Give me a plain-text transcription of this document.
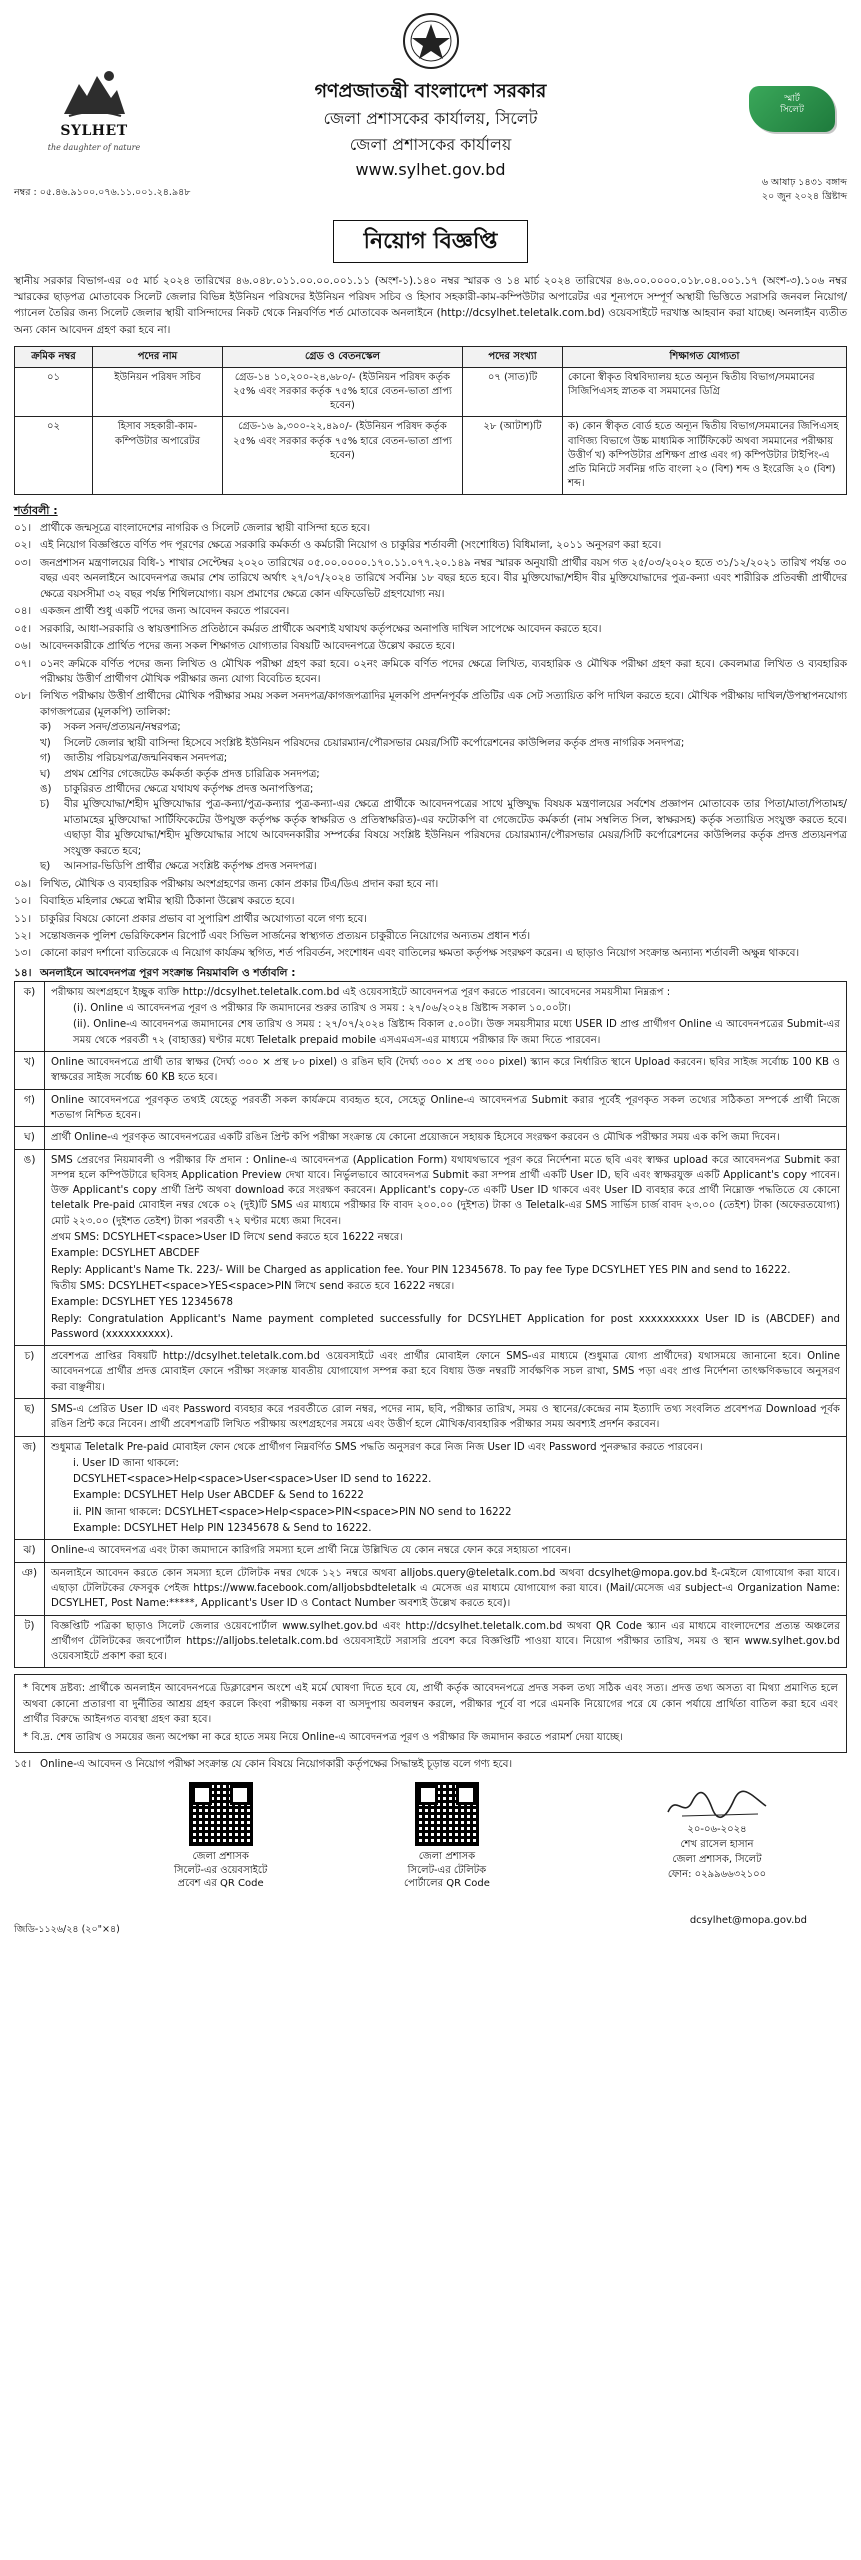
SYLHET
the daughter of nature
গণপ্রজাতন্ত্রী বাংলাদেশ সরকার
জেলা প্রশাসকের কার্যালয়, সিলেট
জেলা প্রশাসকের কার্যালয়
www.sylhet.gov.bd
স্মার্ট
সিলেট
নম্বর : ০৫.৪৬.৯১০০.০৭৬.১১.০০১.২৪.৯৪৮
৬ আষাঢ় ১৪৩১ বঙ্গাব্দ
২০ জুন ২০২৪ খ্রিষ্টাব্দ
নিয়োগ বিজ্ঞপ্তি

স্থানীয় সরকার বিভাগ-এর ০৫ মার্চ ২০২৪ তারিখের ৪৬.০৪৮.০১১.০০.০০.০০১.১১ (অংশ-১).১৪০ নম্বর স্মারক ও ১৪ মার্চ ২০২৪ তারিখের ৪৬.০০.০০০০.০১৮.০৪.০০১.১৭ (অংশ-৩).১০৬ নম্বর স্মারকের ছাড়পত্র মোতাবেক সিলেট জেলার বিভিন্ন ইউনিয়ন পরিষদের ইউনিয়ন পরিষদ সচিব ও হিসাব সহকারী-কাম-কম্পিউটার অপারেটর এর শূন্যপদে সম্পূর্ণ অস্থায়ী ভিত্তিতে সরাসরি জনবল নিয়োগ/প্যানেল তৈরির জন্য সিলেট জেলার স্থায়ী বাসিন্দাদের নিকট থেকে নিম্নবর্ণিত শর্ত মোতাবেক অনলাইনে (http://dcsylhet.teletalk.com.bd) ওয়েবসাইটে দরখাস্ত আহবান করা যাচ্ছে। অনলাইন ব্যতীত অন্য কোন আবেদন গ্রহণ করা হবে না।

ক্রমিক নম্বর	পদের নাম	গ্রেড ও বেতনস্কেল	পদের সংখ্যা	শিক্ষাগত যোগ্যতা
০১	ইউনিয়ন পরিষদ সচিব	গ্রেড-১৪ ১০,২০০-২৪,৬৮০/- (ইউনিয়ন পরিষদ কর্তৃক ২৫% এবং সরকার কর্তৃক ৭৫% হারে বেতন-ভাতা প্রাপ্য হবেন)	০৭ (সাত)টি	কোনো স্বীকৃত বিশ্ববিদ্যালয় হতে অন্যূন দ্বিতীয় বিভাগ/সমমানের সিজিপিএসহ স্নাতক বা সমমানের ডিগ্রি
০২	হিসাব সহকারী-কাম-কম্পিউটার অপারেটর	গ্রেড-১৬ ৯,৩০০-২২,৪৯০/- (ইউনিয়ন পরিষদ কর্তৃক ২৫% এবং সরকার কর্তৃক ৭৫% হারে বেতন-ভাতা প্রাপ্য হবেন)	২৮ (আটাশ)টি	ক) কোন স্বীকৃত বোর্ড হতে অন্যূন দ্বিতীয় বিভাগ/সমমানের জিপিএসহ বাণিজ্য বিভাগে উচ্চ মাধ্যমিক সার্টিফিকেট অথবা সমমানের পরীক্ষায় উত্তীর্ণ খ) কম্পিউটার প্রশিক্ষণ প্রাপ্ত এবং গ) কম্পিউটার টাইপিং-এ প্রতি মিনিটে সর্বনিম্ন গতি বাংলা ২০ (বিশ) শব্দ ও ইংরেজি ২০ (বিশ) শব্দ।
শর্তাবলী :
০১। প্রার্থীকে জন্মসূত্রে বাংলাদেশের নাগরিক ও সিলেট জেলার স্থায়ী বাসিন্দা হতে হবে।
০২। এই নিয়োগ বিজ্ঞপ্তিতে বর্ণিত পদ পূরণের ক্ষেত্রে সরকারি কর্মকর্তা ও কর্মচারী নিয়োগ ও চাকুরির শর্তাবলী (সংশোধিত) বিধিমালা, ২০১১ অনুসরণ করা হবে।
০৩। জনপ্রশাসন মন্ত্রণালয়ের বিধি-১ শাখার সেপ্টেম্বর ২০২০ তারিখের ০৫.০০.০০০০.১৭০.১১.০৭৭.২০.১৪৯ নম্বর স্মারক অনুযায়ী প্রার্থীর বয়স গত ২৫/০৩/২০২০ হতে ৩১/১২/২০২১ তারিখ পর্যন্ত ৩০ বছর এবং অনলাইনে আবেদনপত্র জমার শেষ তারিখে অর্থাৎ ২৭/০৭/২০২৪ তারিখে সর্বনিম্ন ১৮ বছর হতে হবে। বীর মুক্তিযোদ্ধা/শহীদ বীর মুক্তিযোদ্ধাদের পুত্র-কন্যা এবং শারীরিক প্রতিবন্ধী প্রার্থীদের ক্ষেত্রে বয়সসীমা ৩২ বছর পর্যন্ত শিথিলযোগ্য। বয়স প্রমাণের ক্ষেত্রে কোন এফিডেভিট গ্রহণযোগ্য নয়।
০৪। একজন প্রার্থী শুধু একটি পদের জন্য আবেদন করতে পারবেন।
০৫। সরকারি, আধা-সরকারি ও স্বায়ত্তশাসিত প্রতিষ্ঠানে কর্মরত প্রার্থীকে অবশ্যই যথাযথ কর্তৃপক্ষের অনাপত্তি দাখিল সাপেক্ষে আবেদন করতে হবে।
০৬। আবেদনকারীকে প্রার্থিত পদের জন্য সকল শিক্ষাগত যোগ্যতার বিষয়টি আবেদনপত্রে উল্লেখ করতে হবে।
০৭। ০১নং ক্রমিকে বর্ণিত পদের জন্য লিখিত ও মৌখিক পরীক্ষা গ্রহণ করা হবে। ০২নং ক্রমিকে বর্ণিত পদের ক্ষেত্রে লিখিত, ব্যবহারিক ও মৌখিক পরীক্ষা গ্রহণ করা হবে। কেবলমাত্র লিখিত ও ব্যবহারিক পরীক্ষায় উত্তীর্ণ প্রার্থীগণ মৌখিক পরীক্ষার জন্য যোগ্য বিবেচিত হবেন।
০৮। লিখিত পরীক্ষায় উত্তীর্ণ প্রার্থীদের মৌখিক পরীক্ষার সময় সকল সনদপত্র/কাগজপত্রাদির মূলকপি প্রদর্শনপূর্বক প্রতিটির এক সেট সত্যায়িত কপি দাখিল করতে হবে। মৌখিক পরীক্ষায় দাখিল/উপস্থাপনযোগ্য কাগজপত্রের (মূলকপি) তালিকা:
ক)	সকল সনদ/প্রত্যয়ন/নম্বরপত্র;
খ)	সিলেট জেলার স্থায়ী বাসিন্দা হিসেবে সংশ্লিষ্ট ইউনিয়ন পরিষদের চেয়ারম্যান/পৌরসভার মেয়র/সিটি কর্পোরেশনের কাউন্সিলর কর্তৃক প্রদত্ত নাগরিক সনদপত্র;
গ)	জাতীয় পরিচয়পত্র/জন্মনিবন্ধন সনদপত্র;
ঘ)	প্রথম শ্রেণির গেজেটেড কর্মকর্তা কর্তৃক প্রদত্ত চারিত্রিক সনদপত্র;
ঙ)	চাকুরিরত প্রার্থীদের ক্ষেত্রে যথাযথ কর্তৃপক্ষ প্রদত্ত অনাপত্তিপত্র;
চ)	বীর মুক্তিযোদ্ধা/শহীদ মুক্তিযোদ্ধার পুত্র-কন্যা/পুত্র-কন্যার পুত্র-কন্যা-এর ক্ষেত্রে প্রার্থীকে আবেদনপত্রের সাথে মুক্তিযুদ্ধ বিষয়ক মন্ত্রণালয়ের সর্বশেষ প্রজ্ঞাপন মোতাবেক তার পিতা/মাতা/পিতামহ/মাতামহের মুক্তিযোদ্ধা সার্টিফিকেটের উপযুক্ত কর্তৃপক্ষ কর্তৃক স্বাক্ষরিত ও প্রতিস্বাক্ষরিত)-এর ফটোকপি বা গেজেটেড কর্মকর্তা (নাম সম্বলিত সিল, স্বাক্ষরসহ) কর্তৃক সত্যায়িত সংযুক্ত করতে হবে। এছাড়া বীর মুক্তিযোদ্ধা/শহীদ মুক্তিযোদ্ধার সাথে আবেদনকারীর সম্পর্কের বিষয়ে সংশ্লিষ্ট ইউনিয়ন পরিষদের চেয়ারম্যান/পৌরসভার মেয়র/সিটি কর্পোরেশনের কাউন্সিলর কর্তৃক প্রদত্ত প্রত্যয়নপত্র সংযুক্ত করতে হবে;
ছ)	আনসার-ভিডিপি প্রার্থীর ক্ষেত্রে সংশ্লিষ্ট কর্তৃপক্ষ প্রদত্ত সনদপত্র।
০৯। লিখিত, মৌখিক ও ব্যবহারিক পরীক্ষায় অংশগ্রহণের জন্য কোন প্রকার টিএ/ডিএ প্রদান করা হবে না।
১০। বিবাহিত মহিলার ক্ষেত্রে স্বামীর স্থায়ী ঠিকানা উল্লেখ করতে হবে।
১১। চাকুরির বিষয়ে কোনো প্রকার প্রভাব বা সুপারিশ প্রার্থীর অযোগ্যতা বলে গণ্য হবে।
১২। সন্তোষজনক পুলিশ ভেরিফিকেশন রিপোর্ট এবং সিভিল সার্জনের স্বাস্থ্যগত প্রত্যয়ন চাকুরীতে নিয়োগের অন্যতম প্রধান শর্ত।
১৩। কোনো কারণ দর্শানো ব্যতিরেকে এ নিয়োগ কার্যক্রম স্থগিত, শর্ত পরিবর্তন, সংশোধন এবং বাতিলের ক্ষমতা কর্তৃপক্ষ সংরক্ষণ করেন। এ ছাড়াও নিয়োগ সংক্রান্ত অন্যান্য শর্তাবলী অক্ষুন্ন থাকবে।
১৪। অনলাইনে আবেদনপত্র পূরণ সংক্রান্ত নিয়মাবলি ও শর্তাবলি :
ক)	পরীক্ষায় অংশগ্রহণে ইচ্ছুক ব্যক্তি http://dcsylhet.teletalk.com.bd এই ওয়েবসাইটে আবেদনপত্র পূরণ করতে পারবেন। আবেদনের সময়সীমা নিম্নরূপ :

(i). Online এ আবেদনপত্র পূরণ ও পরীক্ষার ফি জমাদানের শুরুর তারিখ ও সময় : ২৭/০৬/২০২৪ খ্রিষ্টাব্দ সকাল ১০.০০টা।

(ii). Online-এ আবেদনপত্র জমাদানের শেষ তারিখ ও সময় : ২৭/০৭/২০২৪ খ্রিষ্টাব্দ বিকাল ৫.০০টা। উক্ত সময়সীমার মধ্যে USER ID প্রাপ্ত প্রার্থীগণ Online এ আবেদনপত্রের Submit-এর সময় থেকে পরবর্তী ৭২ (বাহাত্তর) ঘণ্টার মধ্যে Teletalk prepaid mobile এসএমএস-এর মাধ্যমে পরীক্ষার ফি জমা দিতে পারবেন।

খ)	Online আবেদনপত্রে প্রার্থী তার স্বাক্ষর (দৈর্ঘ্য ৩০০ × প্রস্থ ৮০ pixel) ও রঙিন ছবি (দৈর্ঘ্য ৩০০ × প্রস্থ ৩০০ pixel) স্ক্যান করে নির্ধারিত স্থানে Upload করবেন। ছবির সাইজ সর্বোচ্চ 100 KB ও স্বাক্ষরের সাইজ সর্বোচ্চ 60 KB হতে হবে।

গ)	Online আবেদনপত্রে পূরণকৃত তথ্যই যেহেতু পরবর্তী সকল কার্যক্রমে ব্যবহৃত হবে, সেহেতু Online-এ আবেদনপত্র Submit করার পূর্বেই পূরণকৃত সকল তথ্যের সঠিকতা সম্পর্কে প্রার্থী নিজে শতভাগ নিশ্চিত হবেন।

ঘ)	প্রার্থী Online-এ পূরণকৃত আবেদনপত্রের একটি রঙিন প্রিন্ট কপি পরীক্ষা সংক্রান্ত যে কোনো প্রয়োজনে সহায়ক হিসেবে সংরক্ষণ করবেন ও মৌখিক পরীক্ষার সময় এক কপি জমা দিবেন।

ঙ)	SMS প্রেরণের নিয়মাবলী ও পরীক্ষার ফি প্রদান : Online-এ আবেদনপত্র (Application Form) যথাযথভাবে পূরণ করে নির্দেশনা মতে ছবি এবং স্বাক্ষর upload করে আবেদনপত্র Submit করা সম্পন্ন হলে কম্পিউটারে ছবিসহ Application Preview দেখা যাবে। নির্ভুলভাবে আবেদনপত্র Submit করা সম্পন্ন প্রার্থী একটি User ID, ছবি এবং স্বাক্ষরযুক্ত একটি Applicant's copy পাবেন। উক্ত Applicant's copy প্রার্থী প্রিন্ট অথবা download করে সংরক্ষণ করবেন। Applicant's copy-তে একটি User ID থাকবে এবং User ID ব্যবহার করে প্রার্থী নিম্নোক্ত পদ্ধতিতে যে কোনো teletalk Pre-paid মোবাইল নম্বর থেকে ০২ (দুই)টি SMS এর মাধ্যমে পরীক্ষার ফি বাবদ ২০০.০০ (দুইশত) টাকা ও Teletalk-এর SMS সার্ভিস চার্জ বাবদ ২৩.০০ (তেইশ) টাকা (অফেরতযোগ্য) মোট ২২৩.০০ (দুইশত তেইশ) টাকা পরবর্তী ৭২ ঘণ্টার মধ্যে জমা দিবেন।

প্রথম SMS: DCSYLHET<space>User ID লিখে send করতে হবে 16222 নম্বরে।

Example: DCSYLHET ABCDEF

Reply: Applicant's Name Tk. 223/- Will be Charged as application fee. Your PIN 12345678. To pay fee Type DCSYLHET YES PIN and send to 16222.

দ্বিতীয় SMS: DCSYLHET<space>YES<space>PIN লিখে send করতে হবে 16222 নম্বরে।

Example: DCSYLHET YES 12345678

Reply: Congratulation Applicant's Name payment completed successfully for DCSYLHET Application for post xxxxxxxxxx User ID is (ABCDEF) and Password (xxxxxxxxxx).

চ)	প্রবেশপত্র প্রাপ্তির বিষয়টি http://dcsylhet.teletalk.com.bd ওয়েবসাইটে এবং প্রার্থীর মোবাইল ফোনে SMS-এর মাধ্যমে (শুধুমাত্র যোগ্য প্রার্থীদের) যথাসময়ে জানানো হবে। Online আবেদনপত্রে প্রার্থীর প্রদত্ত মোবাইল ফোনে পরীক্ষা সংক্রান্ত যাবতীয় যোগাযোগ সম্পন্ন করা হবে বিধায় উক্ত নম্বরটি সার্বক্ষণিক সচল রাখা, SMS পড়া এবং প্রাপ্ত নির্দেশনা তাৎক্ষণিকভাবে অনুসরণ করা বাঞ্ছনীয়।

ছ)	SMS-এ প্রেরিত User ID এবং Password ব্যবহার করে পরবর্তীতে রোল নম্বর, পদের নাম, ছবি, পরীক্ষার তারিখ, সময় ও স্থানের/কেন্দ্রের নাম ইত্যাদি তথ্য সংবলিত প্রবেশপত্র Download পূর্বক রঙিন প্রিন্ট করে নিবেন। প্রার্থী প্রবেশপত্রটি লিখিত পরীক্ষায় অংশগ্রহণের সময়ে এবং উত্তীর্ণ হলে মৌখিক/ব্যবহারিক পরীক্ষার সময় অবশ্যই প্রদর্শন করবেন।

জ)	শুধুমাত্র Teletalk Pre-paid মোবাইল ফোন থেকে প্রার্থীগণ নিম্নবর্ণিত SMS পদ্ধতি অনুসরণ করে নিজ নিজ User ID এবং Password পুনরুদ্ধার করতে পারবেন।

i. User ID জানা থাকলে:

DCSYLHET<space>Help<space>User<space>User ID send to 16222.

Example: DCSYLHET Help User ABCDEF & Send to 16222

ii. PIN জানা থাকলে: DCSYLHET<space>Help<space>PIN<space>PIN NO send to 16222

Example: DCSYLHET Help PIN 12345678 & Send to 16222.

ঝ)	Online-এ আবেদনপত্র এবং টাকা জমাদানে কারিগরি সমস্যা হলে প্রার্থী নিম্নে উল্লিখিত যে কোন নম্বরে ফোন করে সহায়তা পাবেন।

ঞ)	অনলাইনে আবেদন করতে কোন সমস্যা হলে টেলিটক নম্বর থেকে ১২১ নম্বরে অথবা alljobs.query@teletalk.com.bd অথবা dcsylhet@mopa.gov.bd ই-মেইলে যোগাযোগ করা যাবে। এছাড়া টেলিটকের ফেসবুক পেইজ https://www.facebook.com/alljobsbdteletalk এ মেসেজ এর মাধ্যমে যোগাযোগ করা যাবে। (Mail/মেসেজ এর subject-এ Organization Name: DCSYLHET, Post Name:*****, Applicant's User ID ও Contact Number অবশ্যই উল্লেখ করতে হবে)।

ট)	বিজ্ঞপ্তিটি পত্রিকা ছাড়াও সিলেট জেলার ওয়েবপোর্টাল www.sylhet.gov.bd এবং http://dcsylhet.teletalk.com.bd অথবা QR Code স্ক্যান এর মাধ্যমে বাংলাদেশের প্রত্যন্ত অঞ্চলের প্রার্থীগণ টেলিটকের জবপোর্টাল https://alljobs.teletalk.com.bd ওয়েবসাইটে সরাসরি প্রবেশ করে বিজ্ঞপ্তিটি পাওয়া যাবে। নিয়োগ পরীক্ষার তারিখ, সময় ও স্থান www.sylhet.gov.bd ওয়েবসাইটে প্রকাশ করা হবে।

* বিশেষ দ্রষ্টব্য: প্রার্থীকে অনলাইন আবেদনপত্রে ডিক্লারেশন অংশে এই মর্মে ঘোষণা দিতে হবে যে, প্রার্থী কর্তৃক আবেদনপত্রে প্রদত্ত সকল তথ্য সঠিক এবং সত্য। প্রদত্ত তথ্য অসত্য বা মিথ্যা প্রমাণিত হলে অথবা কোনো প্রতারণা বা দুর্নীতির আশ্রয় গ্রহণ করলে কিংবা পরীক্ষায় নকল বা অসদুপায় অবলম্বন করলে, পরীক্ষার পূর্বে বা পরে এমনকি নিয়োগের পরে যে কোন পর্যায়ে প্রার্থিতা বাতিল করা হবে এবং প্রার্থীর বিরুদ্ধে আইনগত ব্যবস্থা গ্রহণ করা হবে।

* বি.দ্র. শেষ তারিখ ও সময়ের জন্য অপেক্ষা না করে হাতে সময় নিয়ে Online-এ আবেদনপত্র পূরণ ও পরীক্ষার ফি জমাদান করতে পরামর্শ দেয়া যাচ্ছে।

১৫। Online-এ আবেদন ও নিয়োগ পরীক্ষা সংক্রান্ত যে কোন বিষয়ে নিয়োগকারী কর্তৃপক্ষের সিদ্ধান্তই চূড়ান্ত বলে গণ্য হবে।
জেলা প্রশাসক
সিলেট-এর ওয়েবসাইটে
প্রবেশ এর QR Code
জেলা প্রশাসক
সিলেট-এর টেলিটক
পোর্টালের QR Code
২০-০৬-২০২৪
শেখ রাসেল হাসান
জেলা প্রশাসক, সিলেট
ফোন: ০২৯৯৬৬৩২১০০
dcsylhet@mopa.gov.bd
জিডি-১১২৬/২৪ (২০"×৪)
